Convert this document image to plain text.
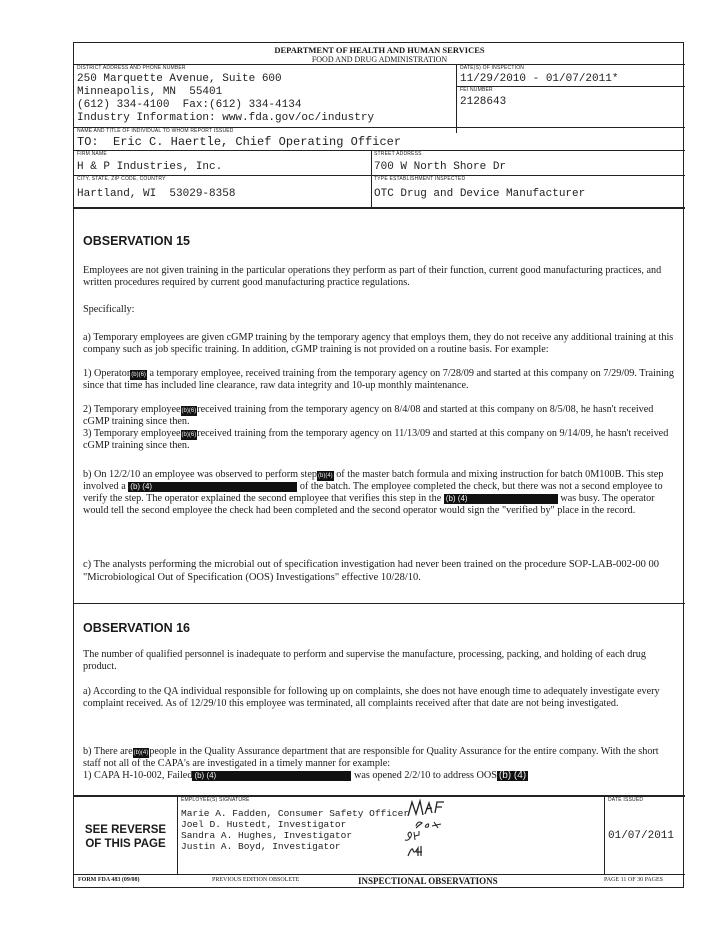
DEPARTMENT OF HEALTH AND HUMAN SERVICES
FOOD AND DRUG ADMINISTRATION
DISTRICT ADDRESS AND PHONE NUMBER
250 Marquette Avenue, Suite 600
Minneapolis, MN  55401
(612) 334-4100  Fax:(612) 334-4134
Industry Information: www.fda.gov/oc/industry
DATE(S) OF INSPECTION
11/29/2010 - 01/07/2011*
FEI NUMBER
2128643
NAME AND TITLE OF INDIVIDUAL TO WHOM REPORT ISSUED
TO:  Eric C. Haertle, Chief Operating Officer
FIRM NAME
H & P Industries, Inc.
STREET ADDRESS
700 W North Shore Dr
CITY, STATE, ZIP CODE, COUNTRY
Hartland, WI  53029-8358
TYPE ESTABLISHMENT INSPECTED
OTC Drug and Device Manufacturer
OBSERVATION 15
Employees are not given training in the particular operations they perform as part of their function, current good manufacturing practices, and written procedures required by current good manufacturing practice regulations.
Specifically:
a) Temporary employees are given cGMP training by the temporary agency that employs them, they do not receive any additional training at this company such as job specific training. In addition, cGMP training is not provided on a routine basis. For example:
1) Operator(b)(6) a temporary employee, received training from the temporary agency on 7/28/09 and started at this company on 7/29/09. Training since that time has included line clearance, raw data integrity and 10-up monthly maintenance.
2) Temporary employee(b)(6)received training from the temporary agency on 8/4/08 and started at this company on 8/5/08, he hasn't received cGMP training since then.
3) Temporary employee(b)(6)received training from the temporary agency on 11/13/09 and started at this company on 9/14/09, he hasn't received cGMP training since then.
b) On 12/2/10 an employee was observed to perform step(b)(4) of the master batch formula and mixing instruction for batch 0M100B. This step involved a (b) (4)	of the batch. The employee completed the check, but there was not a second employee to verify the step. The operator explained the second employee that verifies this step in the (b) (4)	was busy. The operator would tell the second employee the check had been completed and the second operator would sign the "verified by" place in the record.
c) The analysts performing the microbial out of specification investigation had never been trained on the procedure SOP-LAB-002-00 00 "Microbiological Out of Specification (OOS) Investigations" effective 10/28/10.
OBSERVATION 16
The number of qualified personnel is inadequate to perform and supervise the manufacture, processing, packing, and holding of each drug product.
a) According to the QA individual responsible for following up on complaints, she does not have enough time to adequately investigate every complaint received. As of 12/29/10 this employee was terminated, all complaints received after that date are not being investigated.
b) There are(b)(4)people in the Quality Assurance department that are responsible for Quality Assurance for the entire company. With the short staff not all of the CAPA's are investigated in a timely manner for example:
1) CAPA H-10-002, Failed (b) (4)	was opened 2/2/10 to address OOS (b) (4)
SEE REVERSE
OF THIS PAGE
EMPLOYEE(S) SIGNATURE
Marie A. Fadden, Consumer Safety Officer
Joel D. Hustedt, Investigator
Sandra A. Hughes, Investigator
Justin A. Boyd, Investigator
DATE ISSUED
01/07/2011
FORM FDA 483 (09/08)	PREVIOUS EDITION OBSOLETE	INSPECTIONAL OBSERVATIONS	PAGE 11 OF 30 PAGES
